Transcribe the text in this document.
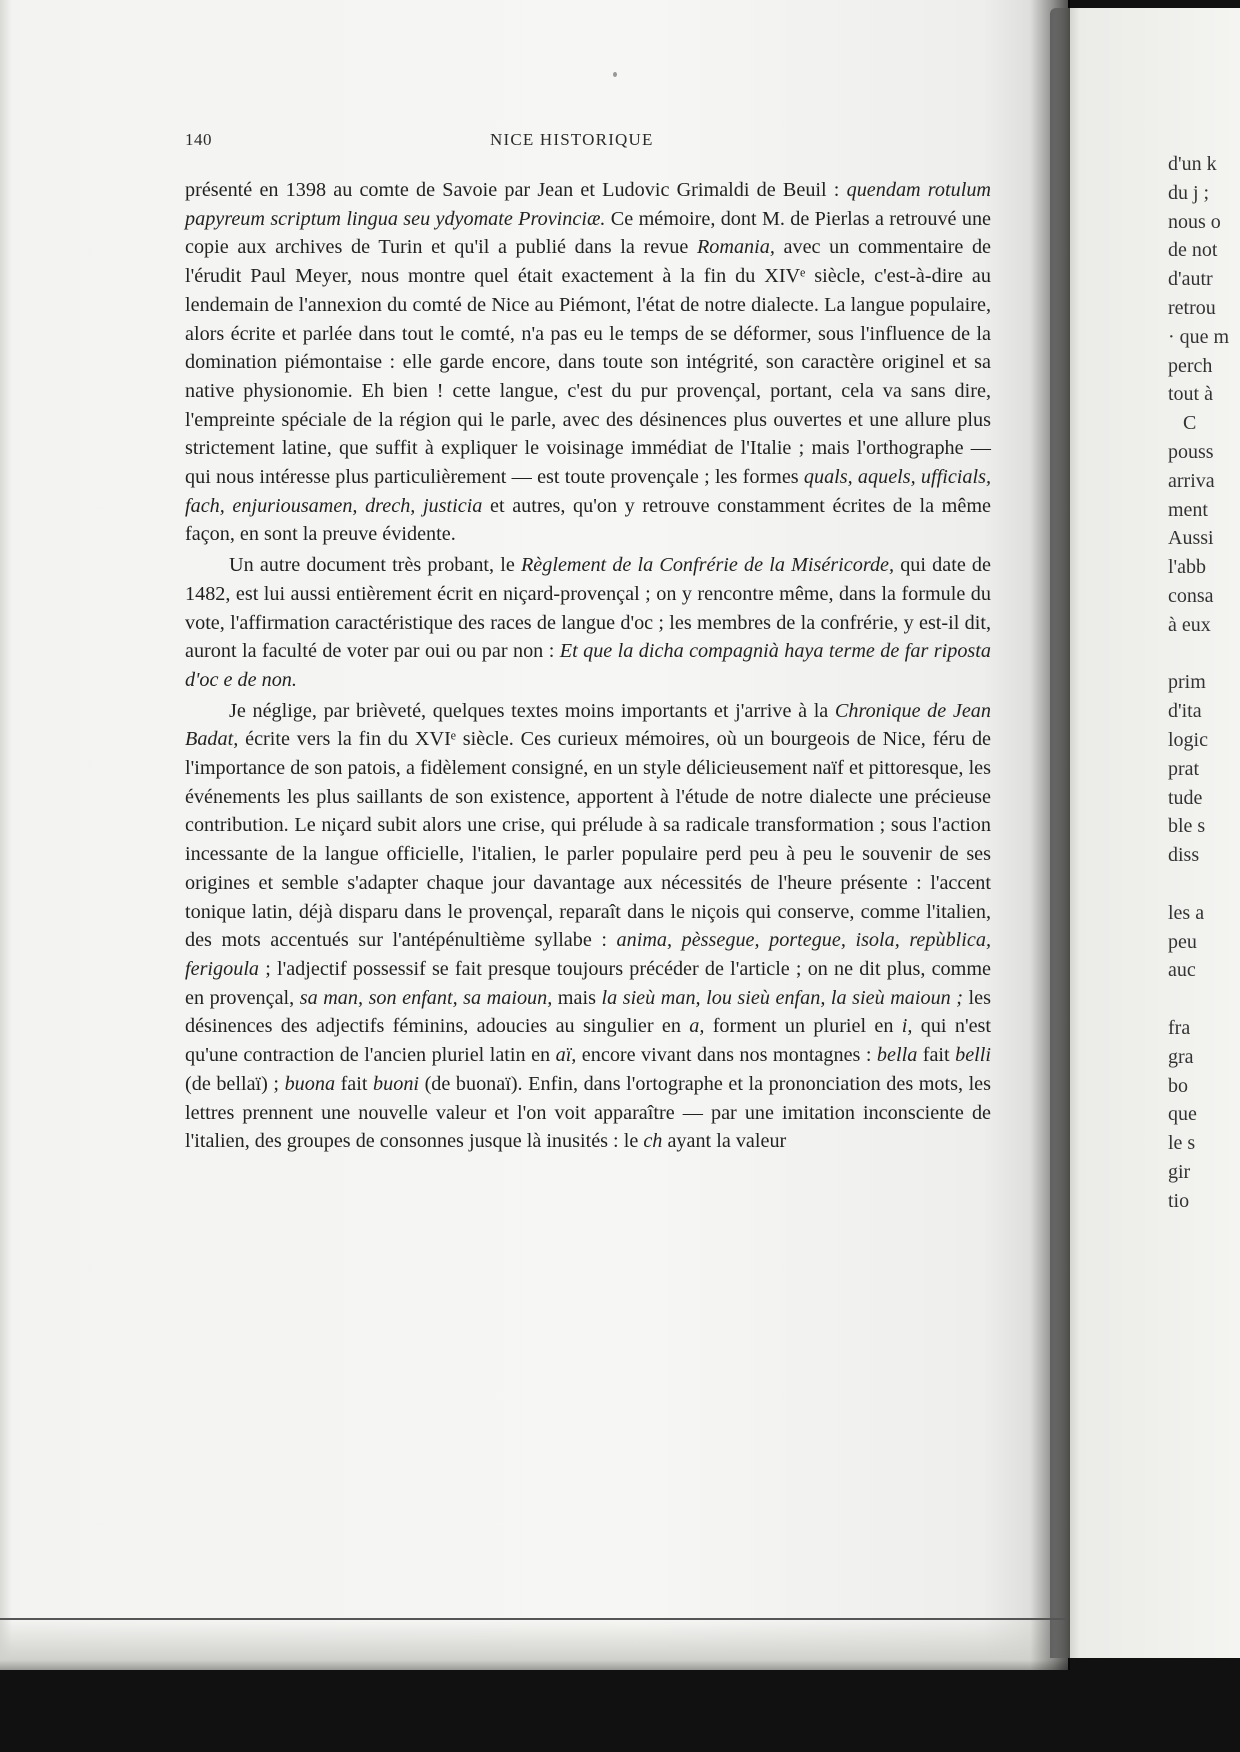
140	NICE HISTORIQUE

présenté en 1398 au comte de Savoie par Jean et Ludovic Grimaldi de Beuil : quendam rotulum papyreum scriptum lingua seu ydyomate Provinciæ. Ce mémoire, dont M. de Pierlas a retrouvé une copie aux archives de Turin et qu'il a publié dans la revue Romania, avec un commentaire de l'érudit Paul Meyer, nous montre quel était exactement à la fin du XIVᵉ siècle, c'est-à-dire au lendemain de l'annexion du comté de Nice au Piémont, l'état de notre dialecte. La langue populaire, alors écrite et parlée dans tout le comté, n'a pas eu le temps de se déformer, sous l'influence de la domination piémontaise : elle garde encore, dans toute son intégrité, son caractère originel et sa native physionomie. Eh bien ! cette langue, c'est du pur provençal, portant, cela va sans dire, l'empreinte spéciale de la région qui le parle, avec des désinences plus ouvertes et une allure plus strictement latine, que suffit à expliquer le voisinage immédiat de l'Italie ; mais l'orthographe — qui nous intéresse plus particulièrement — est toute provençale ; les formes quals, aquels, ufficials, fach, enjuriousamen, drech, justicia et autres, qu'on y retrouve constamment écrites de la même façon, en sont la preuve évidente.

Un autre document très probant, le Règlement de la Confrérie de la Miséricorde, qui date de 1482, est lui aussi entièrement écrit en niçard-provençal ; on y rencontre même, dans la formule du vote, l'affirmation caractéristique des races de langue d'oc ; les membres de la confrérie, y est-il dit, auront la faculté de voter par oui ou par non : Et que la dicha compagnià haya terme de far riposta d'oc e de non.

Je néglige, par brièveté, quelques textes moins importants et j'arrive à la Chronique de Jean Badat, écrite vers la fin du XVIᵉ siècle. Ces curieux mémoires, où un bourgeois de Nice, féru de l'importance de son patois, a fidèlement consigné, en un style délicieusement naïf et pittoresque, les événements les plus saillants de son existence, apportent à l'étude de notre dialecte une précieuse contribution. Le niçard subit alors une crise, qui prélude à sa radicale transformation ; sous l'action incessante de la langue officielle, l'italien, le parler populaire perd peu à peu le souvenir de ses origines et semble s'adapter chaque jour davantage aux nécessités de l'heure présente : l'accent tonique latin, déjà disparu dans le provençal, reparaît dans le niçois qui conserve, comme l'italien, des mots accentués sur l'antépénultième syllabe : anima, pèssegue, portegue, isola, repùblica, ferigoula ; l'adjectif possessif se fait presque toujours précéder de l'article ; on ne dit plus, comme en provençal, sa man, son enfant, sa maioun, mais la sieù man, lou sieù enfan, la sieù maioun ; les désinences des adjectifs féminins, adoucies au singulier en a, forment un pluriel en i, qui n'est qu'une contraction de l'ancien pluriel latin en aï, encore vivant dans nos montagnes : bella fait belli (de bellaï) ; buona fait buoni (de buonaï). Enfin, dans l'ortographe et la prononciation des mots, les lettres prennent une nouvelle valeur et l'on voit apparaître — par une imitation inconsciente de l'italien, des groupes de consonnes jusque là inusités : le ch ayant la valeur

d'un k
du j ;
nous o
de not
d'autr
retrou
· que m
perch
tout à
C
pouss
arriva
ment
Aussi
l'abb
consa
à eux
prim
d'ita
logic
prat
tude
ble s
diss
les a
peu
auc
fra
gra
bo
que
le s
gir
tio
